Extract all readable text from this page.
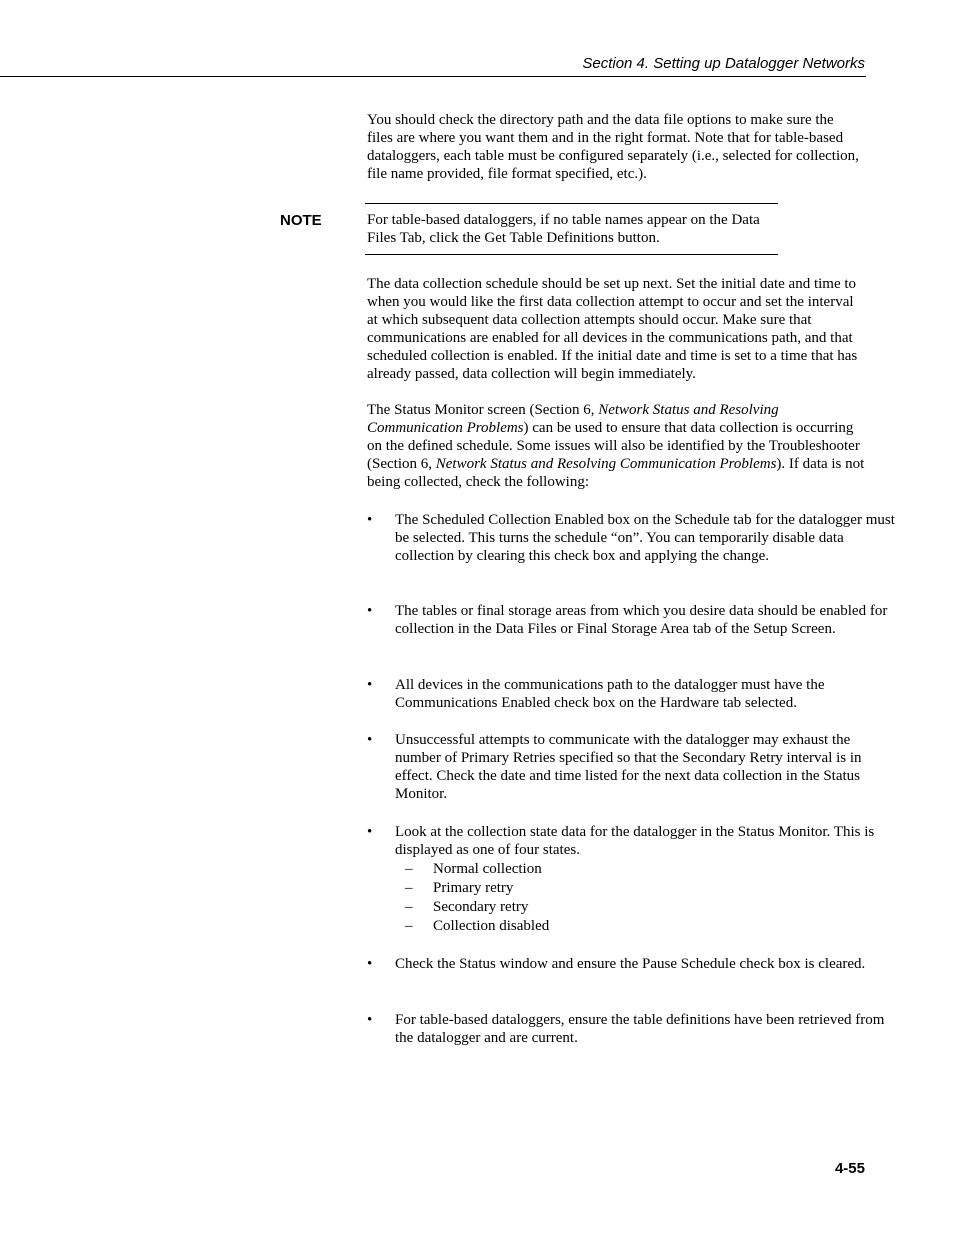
Section 4. Setting up Datalogger Networks

You should check the directory path and the data file options to make sure the files are where you want them and in the right format. Note that for table-based dataloggers, each table must be configured separately (i.e., selected for collection, file name provided, file format specified, etc.).

NOTE	For table-based dataloggers, if no table names appear on the Data Files Tab, click the Get Table Definitions button.

The data collection schedule should be set up next. Set the initial date and time to when you would like the first data collection attempt to occur and set the interval at which subsequent data collection attempts should occur. Make sure that communications are enabled for all devices in the communications path, and that scheduled collection is enabled. If the initial date and time is set to a time that has already passed, data collection will begin immediately.

The Status Monitor screen (Section 6, Network Status and Resolving Communication Problems) can be used to ensure that data collection is occurring on the defined schedule. Some issues will also be identified by the Troubleshooter (Section 6, Network Status and Resolving Communication Problems). If data is not being collected, check the following:

•	The Scheduled Collection Enabled box on the Schedule tab for the datalogger must be selected. This turns the schedule “on”. You can temporarily disable data collection by clearing this check box and applying the change.
•	The tables or final storage areas from which you desire data should be enabled for collection in the Data Files or Final Storage Area tab of the Setup Screen.
•	All devices in the communications path to the datalogger must have the Communications Enabled check box on the Hardware tab selected.
•	Unsuccessful attempts to communicate with the datalogger may exhaust the number of Primary Retries specified so that the Secondary Retry interval is in effect. Check the date and time listed for the next data collection in the Status Monitor.
•	Look at the collection state data for the datalogger in the Status Monitor. This is displayed as one of four states.
– Normal collection
– Primary retry
– Secondary retry
– Collection disabled
•	Check the Status window and ensure the Pause Schedule check box is cleared.
•	For table-based dataloggers, ensure the table definitions have been retrieved from the datalogger and are current.
4-55
